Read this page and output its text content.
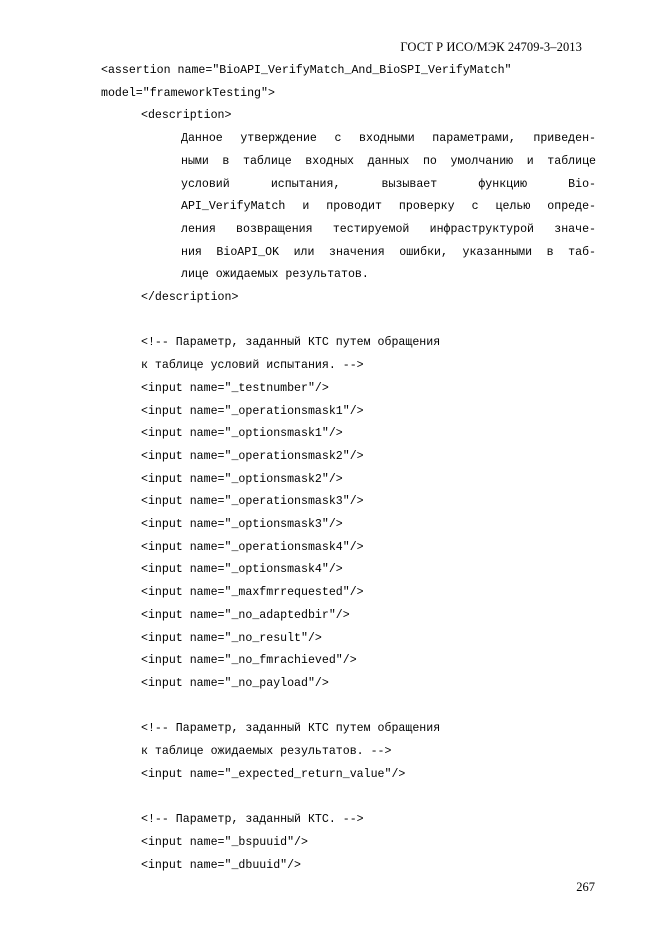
ГОСТ Р ИСО/МЭК 24709-3–2013
<assertion name="BioAPI_VerifyMatch_And_BioSPI_VerifyMatch"
model="frameworkTesting">
<description>
Данное утверждение с входными параметрами, приведен-
ными в таблице входных данных по умолчанию и таблице
условий испытания, вызывает функцию Bio-
API_VerifyMatch и проводит проверку с целью опреде-
ления возвращения тестируемой инфраструктурой значе-
ния BioAPI_OK или значения ошибки, указанными в таб-
лице ожидаемых результатов.
</description>
<!-- Параметр, заданный КТС путем обращения
к таблице условий испытания. -->
<input name="_testnumber"/>
<input name="_operationsmask1"/>
<input name="_optionsmask1"/>
<input name="_operationsmask2"/>
<input name="_optionsmask2"/>
<input name="_operationsmask3"/>
<input name="_optionsmask3"/>
<input name="_operationsmask4"/>
<input name="_optionsmask4"/>
<input name="_maxfmrrequested"/>
<input name="_no_adaptedbir"/>
<input name="_no_result"/>
<input name="_no_fmrachieved"/>
<input name="_no_payload"/>
<!-- Параметр, заданный КТС путем обращения
к таблице ожидаемых результатов. -->
<input name="_expected_return_value"/>
<!-- Параметр, заданный КТС. -->
<input name="_bspuuid"/>
<input name="_dbuuid"/>
267
